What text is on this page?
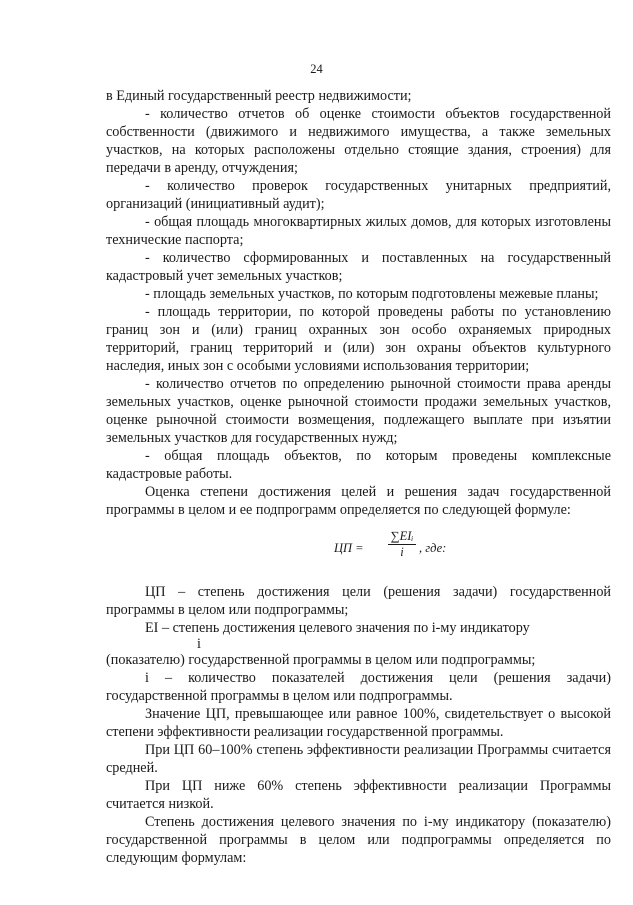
24

в Единый государственный реестр недвижимости;

- количество отчетов об оценке стоимости объектов государственной собственности (движимого и недвижимого имущества, а также земельных участков, на которых расположены отдельно стоящие здания, строения) для передачи в аренду, отчуждения;

- количество проверок государственных унитарных предприятий, организаций (инициативный аудит);

- общая площадь многоквартирных жилых домов, для которых изготовлены технические паспорта;

- количество сформированных и поставленных на государственный кадастровый учет земельных участков;

- площадь земельных участков, по которым подготовлены межевые планы;

- площадь территории, по которой проведены работы по установлению границ зон и (или) границ охранных зон особо охраняемых природных территорий, границ территорий и (или) зон охраны объектов культурного наследия, иных зон с особыми условиями использования территории;

- количество отчетов по определению рыночной стоимости права аренды земельных участков, оценке рыночной стоимости продажи земельных участков, оценке рыночной стоимости возмещения, подлежащего выплате при изъятии земельных участков для государственных нужд;

- общая площадь объектов, по которым проведены комплексные кадастровые работы.

Оценка степени достижения целей и решения задач государственной программы в целом и ее подпрограмм определяется по следующей формуле:

ЦП =
∑EIᵢ
i	, где:

ЦП – степень достижения цели (решения задачи) государственной программы в целом или подпрограммы;

EI – степень достижения целевого значения по i-му индикатору
i

(показателю) государственной программы в целом или подпрограммы;

i – количество показателей достижения цели (решения задачи) государственной программы в целом или подпрограммы.

Значение ЦП, превышающее или равное 100%, свидетельствует о высокой степени эффективности реализации государственной программы.

При ЦП 60–100% степень эффективности реализации Программы считается средней.

При ЦП ниже 60% степень эффективности реализации Программы считается низкой.

Степень достижения целевого значения по i-му индикатору (показателю) государственной программы в целом или подпрограммы определяется по следующим формулам:
